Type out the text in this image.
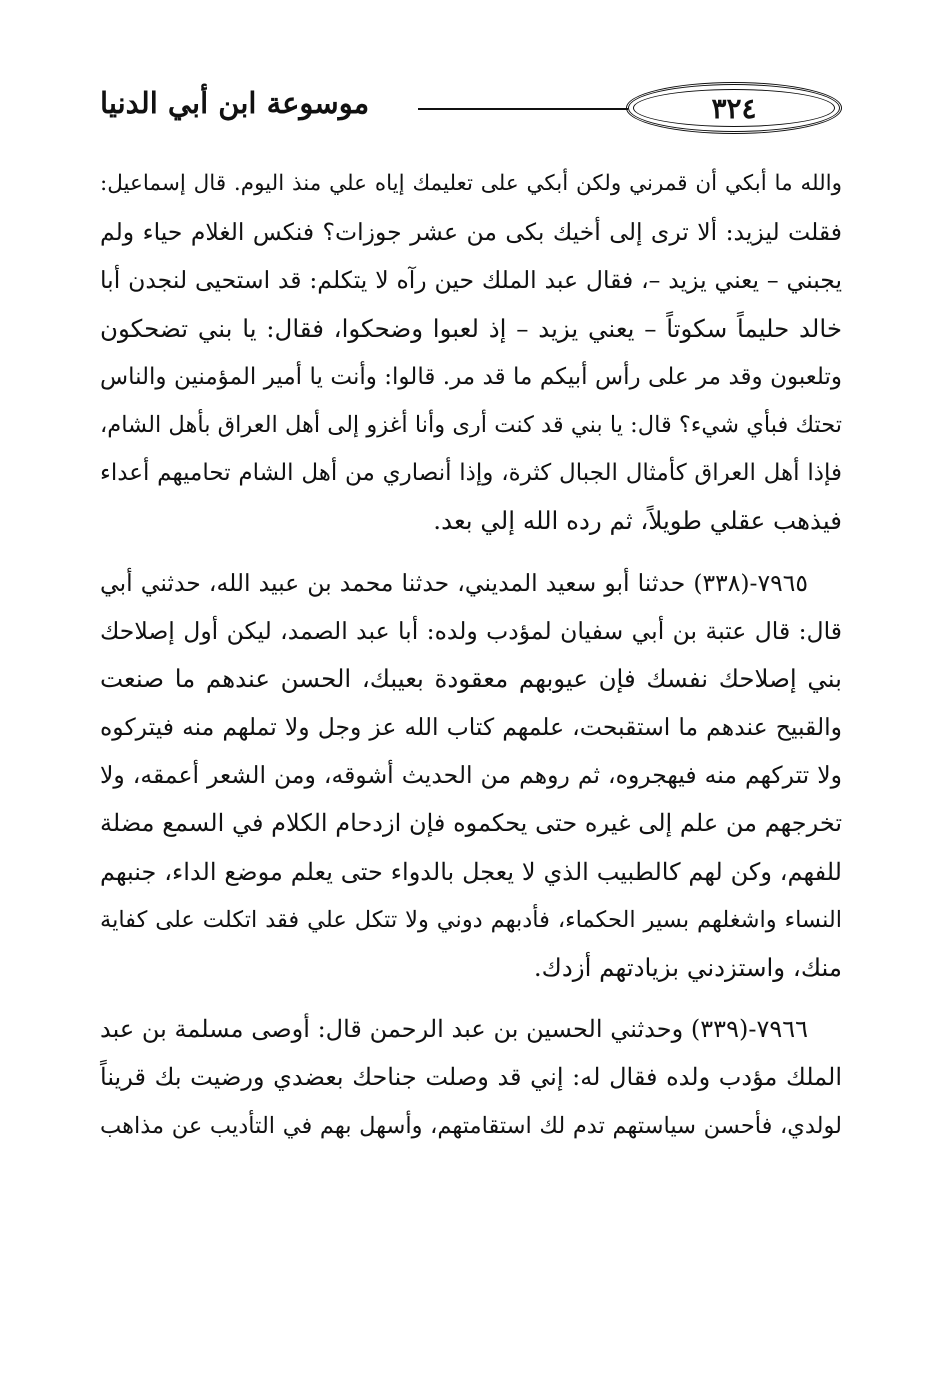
٣٢٤
موسوعة ابن أبي الدنيا
والله ما أبكي أن قمرني ولكن أبكي على تعليمك إياه علي منذ اليوم. قال إسماعيل:
فقلت ليزيد: ألا ترى إلى أخيك بكى من عشر جوزات؟ فنكس الغلام حياء ولم
يجبني – يعني يزيد –، فقال عبد الملك حين رآه لا يتكلم: قد استحيى لنجدن أبا
خالد حليماً سكوتاً – يعني يزيد – إذ لعبوا وضحكوا، فقال: يا بني تضحكون
وتلعبون وقد مر على رأس أبيكم ما قد مر. قالوا: وأنت يا أمير المؤمنين والناس
تحتك فبأي شيء؟ قال: يا بني قد كنت أرى وأنا أغزو إلى أهل العراق بأهل الشام،
فإذا أهل العراق كأمثال الجبال كثرة، وإذا أنصاري من أهل الشام تحاميهم أعداء
فيذهب عقلي طويلاً، ثم رده الله إلي بعد.
٧٩٦٥-(٣٣٨) حدثنا أبو سعيد المديني، حدثنا محمد بن عبيد الله، حدثني أبي
قال: قال عتبة بن أبي سفيان لمؤدب ولده: أبا عبد الصمد، ليكن أول إصلاحك
بني إصلاحك نفسك فإن عيوبهم معقودة بعيبك، الحسن عندهم ما صنعت
والقبيح عندهم ما استقبحت، علمهم كتاب الله عز وجل ولا تملهم منه فيتركوه
ولا تتركهم منه فيهجروه، ثم روهم من الحديث أشوقه، ومن الشعر أعمقه، ولا
تخرجهم من علم إلى غيره حتى يحكموه فإن ازدحام الكلام في السمع مضلة
للفهم، وكن لهم كالطبيب الذي لا يعجل بالدواء حتى يعلم موضع الداء، جنبهم
النساء واشغلهم بسير الحكماء، فأدبهم دوني ولا تتكل علي فقد اتكلت على كفاية
منك، واستزدني بزيادتهم أزدك.
٧٩٦٦-(٣٣٩) وحدثني الحسين بن عبد الرحمن قال: أوصى مسلمة بن عبد
الملك مؤدب ولده فقال له: إني قد وصلت جناحك بعضدي ورضيت بك قريناً
لولدي، فأحسن سياستهم تدم لك استقامتهم، وأسهل بهم في التأديب عن مذاهب
